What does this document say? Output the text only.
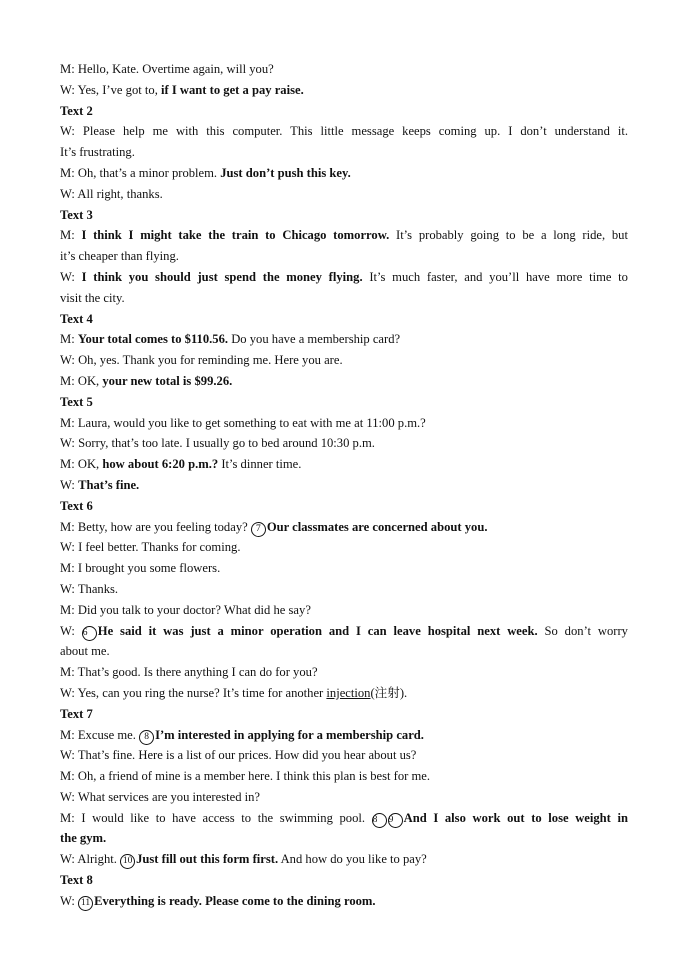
M: Hello, Kate. Overtime again, will you?
W: Yes, I’ve got to, if I want to get a pay raise.
Text 2
W: Please help me with this computer. This little message keeps coming up. I don’t understand it.
It’s frustrating.
M: Oh, that’s a minor problem. Just don’t push this key.
W: All right, thanks.
Text 3
M: I think I might take the train to Chicago tomorrow. It’s probably going to be a long ride, but
it’s cheaper than flying.
W: I think you should just spend the money flying. It’s much faster, and you’ll have more time to
visit the city.
Text 4
M: Your total comes to $110.56. Do you have a membership card?
W: Oh, yes. Thank you for reminding me. Here you are.
M: OK, your new total is $99.26.
Text 5
M: Laura, would you like to get something to eat with me at 11:00 p.m.?
W: Sorry, that’s too late. I usually go to bed around 10:30 p.m.
M: OK, how about 6:20 p.m.? It’s dinner time.
W: That’s fine.
Text 6
M: Betty, how are you feeling today? 7 Our classmates are concerned about you.
W: I feel better. Thanks for coming.
M: I brought you some flowers.
W: Thanks.
M: Did you talk to your doctor? What did he say?
W: 6 He said it was just a minor operation and I can leave hospital next week. So don’t worry
about me.
M: That’s good. Is there anything I can do for you?
W: Yes, can you ring the nurse? It’s time for another injection(注射).
Text 7
M: Excuse me. 8 I’m interested in applying for a membership card.
W: That’s fine. Here is a list of our prices. How did you hear about us?
M: Oh, a friend of mine is a member here. I think this plan is best for me.
W: What services are you interested in?
M: I would like to have access to the swimming pool. 8 9 And I also work out to lose weight in
the gym.
W: Alright. 10 Just fill out this form first. And how do you like to pay?
Text 8
W: 11 Everything is ready. Please come to the dining room.
